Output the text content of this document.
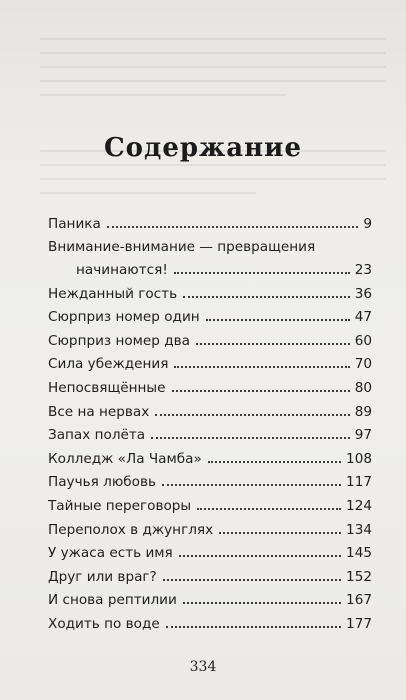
Содержание
Паника	9
Внимание-внимание — превращения
начинаются!	23
Нежданный гость	36
Сюрприз номер один	47
Сюрприз номер два	60
Сила убеждения	70
Непосвящённые	80
Все на нервах	89
Запах полёта	97
Колледж «Ла Чамба»	108
Паучья любовь	117
Тайные переговоры	124
Переполох в джунглях	134
У ужаса есть имя	145
Друг или враг?	152
И снова рептилии	167
Ходить по воде	177
334
